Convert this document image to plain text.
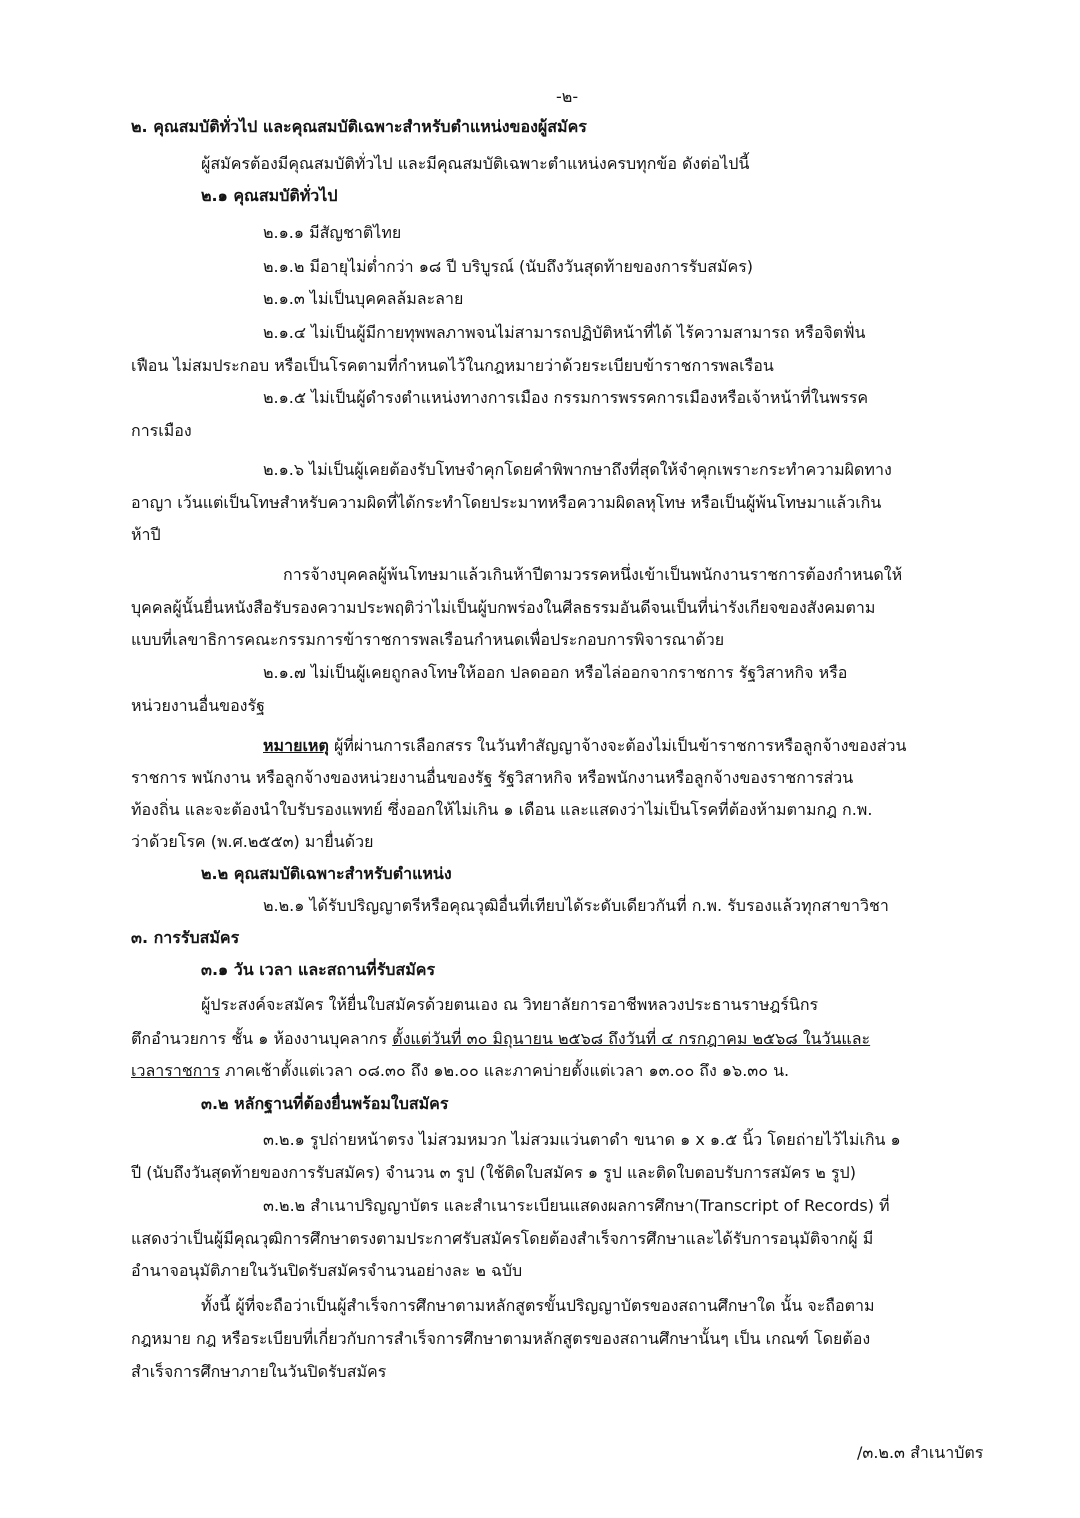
-๒-
๒. คุณสมบัติทั่วไป และคุณสมบัติเฉพาะสำหรับตำแหน่งของผู้สมัคร
ผู้สมัครต้องมีคุณสมบัติทั่วไป และมีคุณสมบัติเฉพาะตำแหน่งครบทุกข้อ ดังต่อไปนี้
๒.๑ คุณสมบัติทั่วไป
๒.๑.๑ มีสัญชาติไทย
๒.๑.๒ มีอายุไม่ต่ำกว่า ๑๘ ปี บริบูรณ์ (นับถึงวันสุดท้ายของการรับสมัคร)
๒.๑.๓ ไม่เป็นบุคคลล้มละลาย
๒.๑.๔ ไม่เป็นผู้มีกายทุพพลภาพจนไม่สามารถปฏิบัติหน้าที่ได้ ไร้ความสามารถ หรือจิตฟั่น
เฟือน ไม่สมประกอบ หรือเป็นโรคตามที่กำหนดไว้ในกฎหมายว่าด้วยระเบียบข้าราชการพลเรือน
๒.๑.๕ ไม่เป็นผู้ดำรงตำแหน่งทางการเมือง กรรมการพรรคการเมืองหรือเจ้าหน้าที่ในพรรค
การเมือง
๒.๑.๖ ไม่เป็นผู้เคยต้องรับโทษจำคุกโดยคำพิพากษาถึงที่สุดให้จำคุกเพราะกระทำความผิดทาง
อาญา เว้นแต่เป็นโทษสำหรับความผิดที่ได้กระทำโดยประมาทหรือความผิดลหุโทษ หรือเป็นผู้พ้นโทษมาแล้วเกิน
ห้าปี
การจ้างบุคคลผู้พ้นโทษมาแล้วเกินห้าปีตามวรรคหนึ่งเข้าเป็นพนักงานราชการต้องกำหนดให้
บุคคลผู้นั้นยื่นหนังสือรับรองความประพฤติว่าไม่เป็นผู้บกพร่องในศีลธรรมอันดีจนเป็นที่น่ารังเกียจของสังคมตาม
แบบที่เลขาธิการคณะกรรมการข้าราชการพลเรือนกำหนดเพื่อประกอบการพิจารณาด้วย
๒.๑.๗ ไม่เป็นผู้เคยถูกลงโทษให้ออก ปลดออก หรือไล่ออกจากราชการ รัฐวิสาหกิจ หรือ
หน่วยงานอื่นของรัฐ
หมายเหตุ ผู้ที่ผ่านการเลือกสรร ในวันทำสัญญาจ้างจะต้องไม่เป็นข้าราชการหรือลูกจ้างของส่วน
ราชการ พนักงาน หรือลูกจ้างของหน่วยงานอื่นของรัฐ รัฐวิสาหกิจ หรือพนักงานหรือลูกจ้างของราชการส่วน
ท้องถิ่น และจะต้องนำใบรับรองแพทย์ ซึ่งออกให้ไม่เกิน ๑ เดือน และแสดงว่าไม่เป็นโรคที่ต้องห้ามตามกฎ ก.พ.
ว่าด้วยโรค (พ.ศ.๒๕๕๓) มายื่นด้วย
๒.๒ คุณสมบัติเฉพาะสำหรับตำแหน่ง
๒.๒.๑ ได้รับปริญญาตรีหรือคุณวุฒิอื่นที่เทียบได้ระดับเดียวกันที่ ก.พ. รับรองแล้วทุกสาขาวิชา
๓. การรับสมัคร
๓.๑ วัน เวลา และสถานที่รับสมัคร
ผู้ประสงค์จะสมัคร ให้ยื่นใบสมัครด้วยตนเอง ณ วิทยาลัยการอาชีพหลวงประธานราษฎร์นิกร
ตึกอำนวยการ ชั้น ๑ ห้องงานบุคลากร ตั้งแต่วันที่ ๓๐ มิถุนายน ๒๕๖๘ ถึงวันที่ ๔ กรกฎาคม ๒๕๖๘ ในวันและ
เวลาราชการ ภาคเช้าตั้งแต่เวลา ๐๘.๓๐ ถึง ๑๒.๐๐ และภาคบ่ายตั้งแต่เวลา ๑๓.๐๐ ถึง ๑๖.๓๐ น.
๓.๒ หลักฐานที่ต้องยื่นพร้อมใบสมัคร
๓.๒.๑ รูปถ่ายหน้าตรง ไม่สวมหมวก ไม่สวมแว่นตาดำ ขนาด ๑ x ๑.๕ นิ้ว โดยถ่ายไว้ไม่เกิน ๑
ปี (นับถึงวันสุดท้ายของการรับสมัคร) จำนวน ๓ รูป (ใช้ติดใบสมัคร ๑ รูป และติดใบตอบรับการสมัคร ๒ รูป)
๓.๒.๒ สำเนาปริญญาบัตร และสำเนาระเบียนแสดงผลการศึกษา(Transcript of Records) ที่
แสดงว่าเป็นผู้มีคุณวุฒิการศึกษาตรงตามประกาศรับสมัครโดยต้องสำเร็จการศึกษาและได้รับการอนุมัติจากผู้ มี
อำนาจอนุมัติภายในวันปิดรับสมัครจำนวนอย่างละ ๒ ฉบับ
ทั้งนี้ ผู้ที่จะถือว่าเป็นผู้สำเร็จการศึกษาตามหลักสูตรขั้นปริญญาบัตรของสถานศึกษาใด นั้น จะถือตาม
กฎหมาย กฎ หรือระเบียบที่เกี่ยวกับการสำเร็จการศึกษาตามหลักสูตรของสถานศึกษานั้นๆ เป็น เกณฑ์ โดยต้อง
สำเร็จการศึกษาภายในวันปิดรับสมัคร
/๓.๒.๓ สำเนาบัตร
